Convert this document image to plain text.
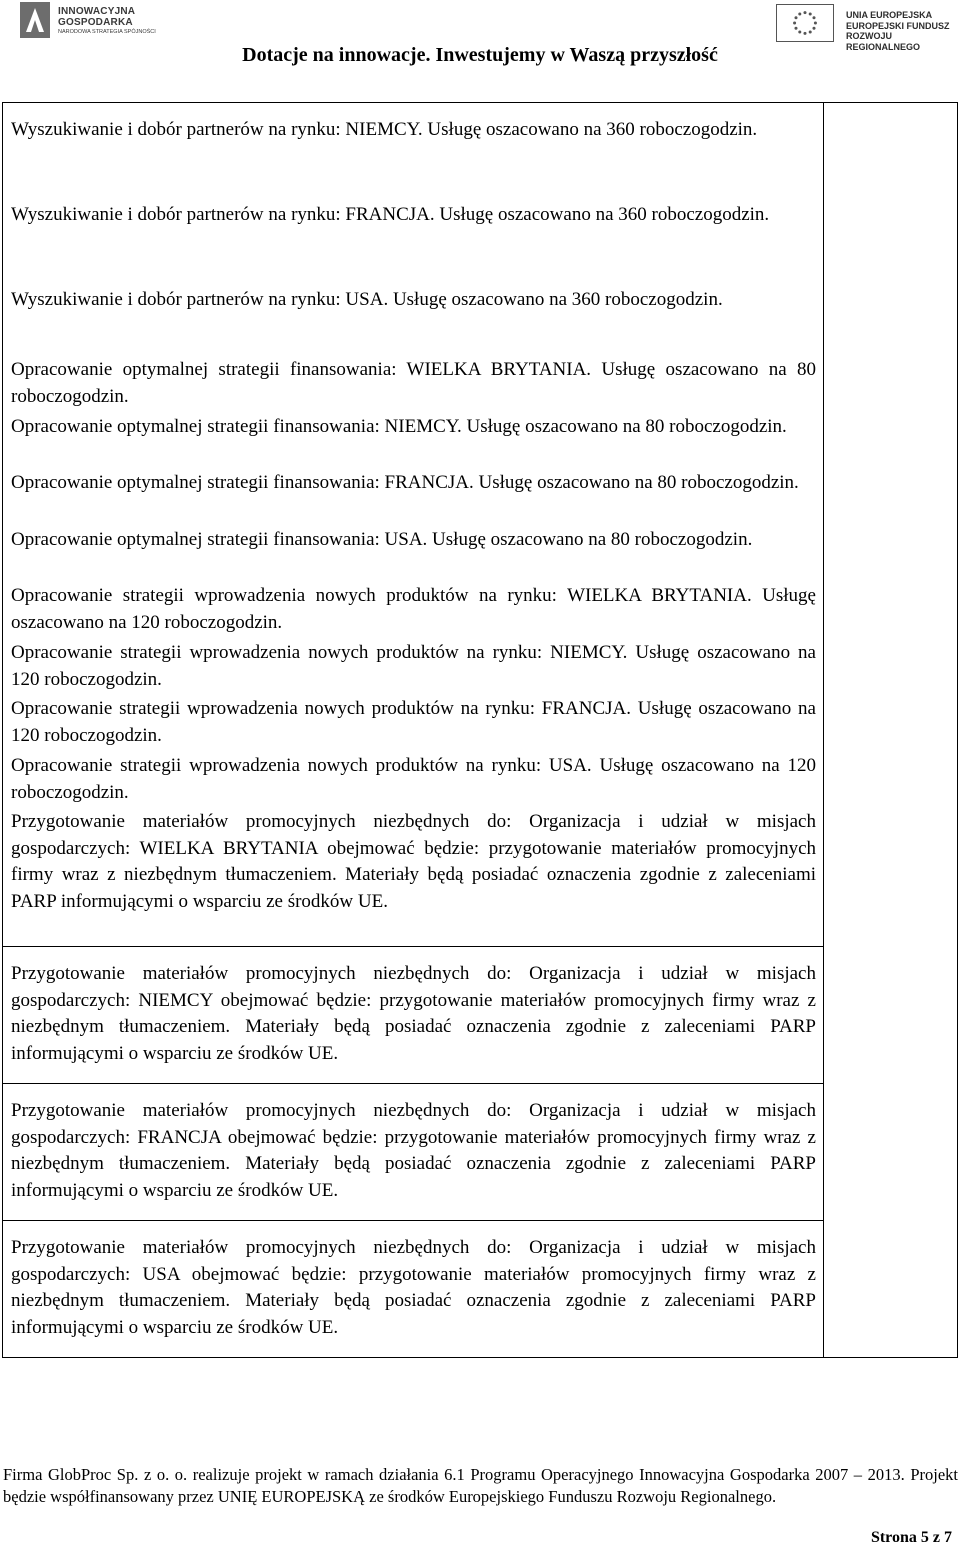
INNOWACYJNA
GOSPODARKA
NARODOWA STRATEGIA SPÓJNOŚCI
UNIA EUROPEJSKA
EUROPEJSKI FUNDUSZ
ROZWOJU REGIONALNEGO
Dotacje na innowacje. Inwestujemy w Waszą przyszłość
Wyszukiwanie i dobór partnerów na rynku: NIEMCY. Usługę oszacowano na 360 roboczogodzin.
Wyszukiwanie i dobór partnerów na rynku: FRANCJA. Usługę oszacowano na 360 roboczogodzin.
Wyszukiwanie i dobór partnerów na rynku: USA. Usługę oszacowano na 360 roboczogodzin.
Opracowanie optymalnej strategii finansowania: WIELKA BRYTANIA. Usługę oszacowano na 80 roboczogodzin.
Opracowanie optymalnej strategii finansowania: NIEMCY. Usługę oszacowano na 80 roboczogodzin.
Opracowanie optymalnej strategii finansowania: FRANCJA. Usługę oszacowano na 80 roboczogodzin.
Opracowanie optymalnej strategii finansowania: USA. Usługę oszacowano na 80 roboczogodzin.
Opracowanie strategii wprowadzenia nowych produktów na rynku: WIELKA BRYTANIA. Usługę oszacowano na 120 roboczogodzin.
Opracowanie strategii wprowadzenia nowych produktów na rynku: NIEMCY. Usługę oszacowano na 120 roboczogodzin.
Opracowanie strategii wprowadzenia nowych produktów na rynku: FRANCJA. Usługę oszacowano na 120 roboczogodzin.
Opracowanie strategii wprowadzenia nowych produktów na rynku: USA. Usługę oszacowano na 120 roboczogodzin.
Przygotowanie materiałów promocyjnych niezbędnych do: Organizacja i udział w misjach gospodarczych: WIELKA BRYTANIA obejmować będzie: przygotowanie materiałów promocyjnych firmy wraz z niezbędnym tłumaczeniem. Materiały będą posiadać oznaczenia zgodnie z zaleceniami PARP informującymi o wsparciu ze środków UE.
Przygotowanie materiałów promocyjnych niezbędnych do: Organizacja i udział w misjach gospodarczych: NIEMCY obejmować będzie: przygotowanie materiałów promocyjnych firmy wraz z niezbędnym tłumaczeniem. Materiały będą posiadać oznaczenia zgodnie z zaleceniami PARP informującymi o wsparciu ze środków UE.
Przygotowanie materiałów promocyjnych niezbędnych do: Organizacja i udział w misjach gospodarczych: FRANCJA obejmować będzie: przygotowanie materiałów promocyjnych firmy wraz z niezbędnym tłumaczeniem. Materiały będą posiadać oznaczenia zgodnie z zaleceniami PARP informującymi o wsparciu ze środków UE.
Przygotowanie materiałów promocyjnych niezbędnych do: Organizacja i udział w misjach gospodarczych: USA obejmować będzie: przygotowanie materiałów promocyjnych firmy wraz z niezbędnym tłumaczeniem. Materiały będą posiadać oznaczenia zgodnie z zaleceniami PARP informującymi o wsparciu ze środków UE.
Firma GlobProc Sp. z o. o. realizuje projekt w ramach działania 6.1 Programu Operacyjnego Innowacyjna Gospodarka 2007 – 2013. Projekt będzie współfinansowany przez UNIĘ EUROPEJSKĄ ze środków Europejskiego Funduszu Rozwoju Regionalnego.
Strona 5 z 7
